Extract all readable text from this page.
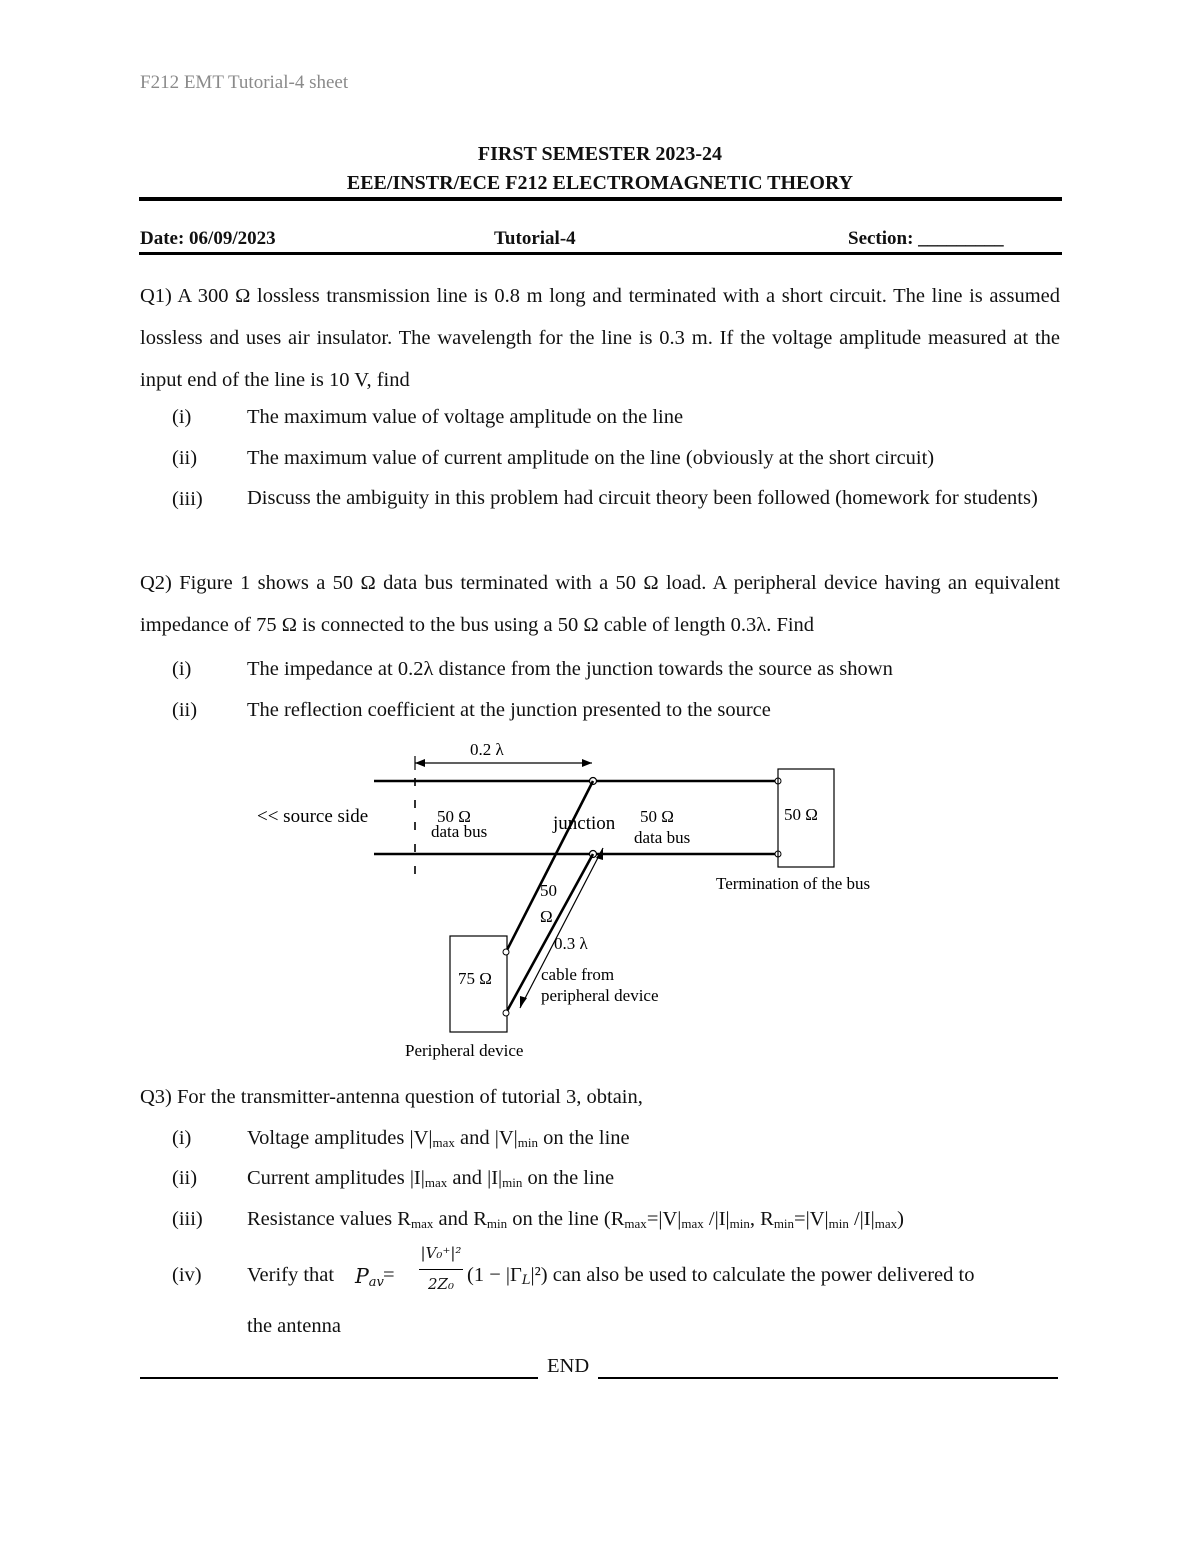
F212 EMT Tutorial-4 sheet
FIRST SEMESTER 2023-24
EEE/INSTR/ECE F212 ELECTROMAGNETIC THEORY
Date: 06/09/2023	Tutorial-4	Section: _________
Q1) A 300 Ω lossless transmission line is 0.8 m long and terminated with a short circuit. The line is assumed lossless and uses air insulator. The wavelength for the line is 0.3 m. If the voltage amplitude measured at the input end of the line is 10 V, find
(i)	The maximum value of voltage amplitude on the line
(ii) The maximum value of current amplitude on the line (obviously at the short circuit)
(iii) Discuss the ambiguity in this problem had circuit theory been followed (homework for students)
Q2) Figure 1 shows a 50 Ω data bus terminated with a 50 Ω load. A peripheral device having an equivalent impedance of 75 Ω is connected to the bus using a 50 Ω cable of length 0.3λ. Find
(i)	The impedance at 0.2λ distance from the junction towards the source as shown
(ii) The reflection coefficient at the junction presented to the source
0.2 λ
50 Ω
Termination of the bus
<< source side	50 Ω
data bus	junction 50 Ω
data bus
50
Ω
0.3 λ
cable from
peripheral device
75 Ω
Peripheral device
Q3) For the transmitter-antenna question of tutorial 3, obtain,
(i)	Voltage amplitudes $|V|_{max}$ and $|V|_{min}$ on the line
(ii) Current amplitudes $|I|_{max}$ and $|I|_{min}$ on the line
(iii) Resistance values $R_{max}$ and $R_{min}$ on the line ($R_{max}=|V|_{max}$ $/|I|_{min}$, $R_{min}=|V|_{min}$ $/|I|_{max}$)
(iv) Verify that $P_{av}$ =
|V₀⁺|²
2Z₀ $(1 - |\Gamma_L|^2)$ can also be used to calculate the power delivered to
the antenna
END
